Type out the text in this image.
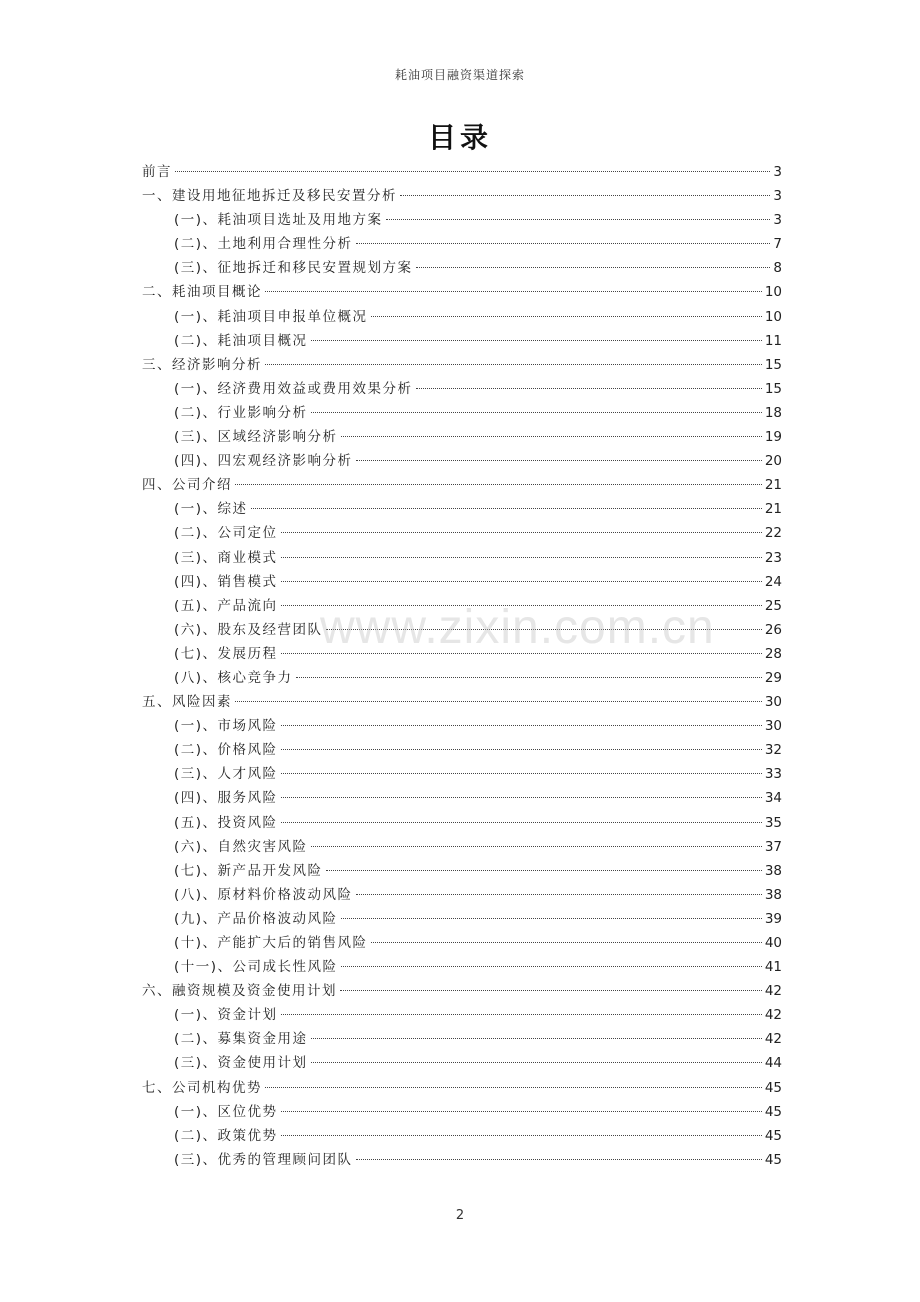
耗油项目融资渠道探索
目录
前言	3
一、建设用地征地拆迁及移民安置分析	3
(一)、耗油项目选址及用地方案	3
(二)、土地利用合理性分析	7
(三)、征地拆迁和移民安置规划方案	8
二、耗油项目概论	10
(一)、耗油项目申报单位概况	10
(二)、耗油项目概况	11
三、经济影响分析	15
(一)、经济费用效益或费用效果分析	15
(二)、行业影响分析	18
(三)、区域经济影响分析	19
(四)、四宏观经济影响分析	20
四、公司介绍	21
(一)、综述	21
(二)、公司定位	22
(三)、商业模式	23
(四)、销售模式	24
(五)、产品流向	25
(六)、股东及经营团队	26
(七)、发展历程	28
(八)、核心竞争力	29
五、风险因素	30
(一)、市场风险	30
(二)、价格风险	32
(三)、人才风险	33
(四)、服务风险	34
(五)、投资风险	35
(六)、自然灾害风险	37
(七)、新产品开发风险	38
(八)、原材料价格波动风险	38
(九)、产品价格波动风险	39
(十)、产能扩大后的销售风险	40
(十一)、公司成长性风险	41
六、融资规模及资金使用计划	42
(一)、资金计划	42
(二)、募集资金用途	42
(三)、资金使用计划	44
七、公司机构优势	45
(一)、区位优势	45
(二)、政策优势	45
(三)、优秀的管理顾问团队	45
www.zixin.com.cn
2
